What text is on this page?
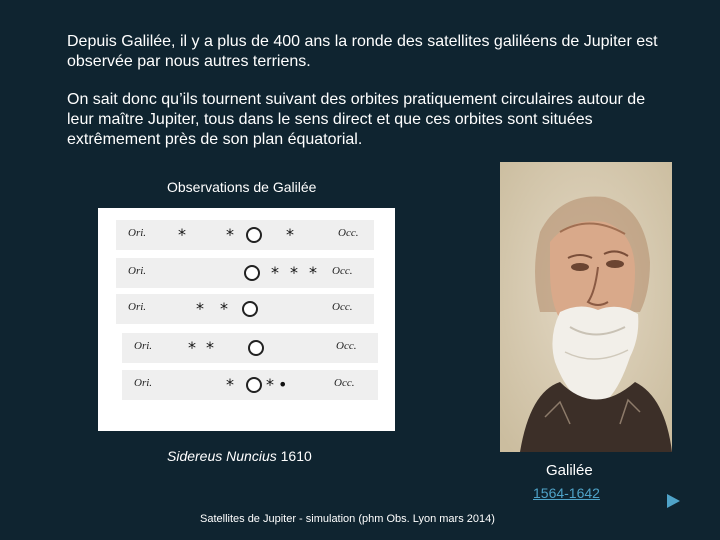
Depuis Galilée, il y a plus de 400 ans la ronde des satellites galiléens de Jupiter est observée par nous autres terriens.

On sait donc qu’ils tournent suivant des orbites pratiquement circulaires autour de leur maître Jupiter, tous dans le sens direct et que ces orbites sont situées extrêmement près de son plan équatorial.

Observations de Galilée
Ori. *	*	*	Occ.
Ori.	* * * Occ.
Ori.	* *	Occ.
Ori. * *	Occ.
Ori.	* * •	Occ.
Sidereus Nuncius 1610
Galilée
1564-1642
Satellites de Jupiter - simulation (phm Obs. Lyon mars 2014)
